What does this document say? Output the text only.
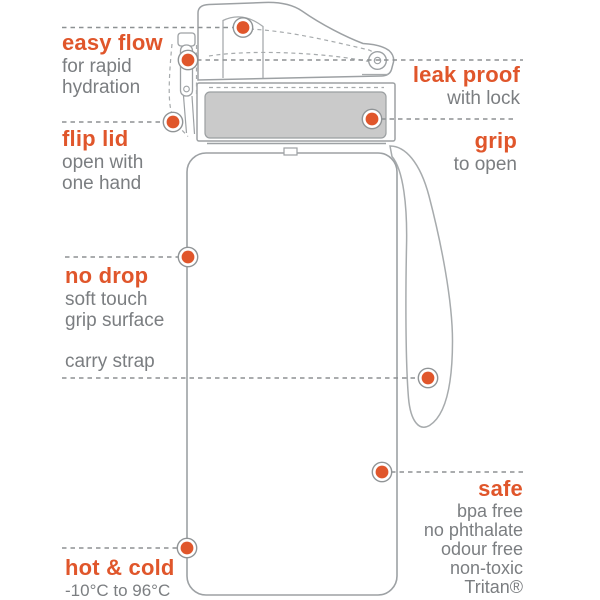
easy flow
for rapid
hydration
leak proof
with lock
flip lid
open with
one hand
grip
to open
no drop
soft touch
grip surface
carry strap
safe
bpa free
no phthalate
odour free
non-toxic
Tritan®
hot & cold
-10°C to 96°C
